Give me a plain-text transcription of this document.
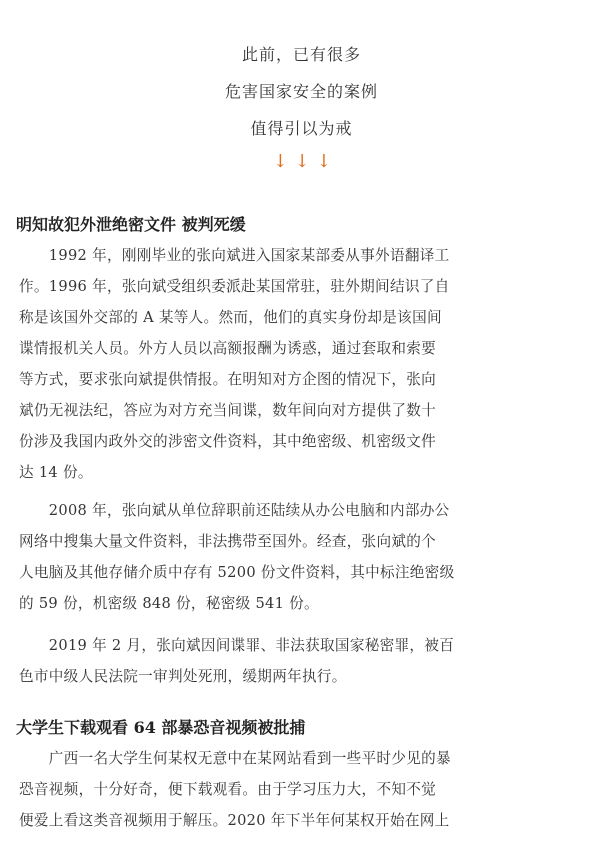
此前，已有很多
危害国家安全的案例
值得引以为戒
↓ ↓ ↓
明知故犯外泄绝密文件 被判死缓
　　1992 年，刚刚毕业的张向斌进入国家某部委从事外语翻译工
作。1996 年，张向斌受组织委派赴某国常驻，驻外期间结识了自
称是该国外交部的 A 某等人。然而，他们的真实身份却是该国间
谍情报机关人员。外方人员以高额报酬为诱惑，通过套取和索要
等方式，要求张向斌提供情报。在明知对方企图的情况下，张向
斌仍无视法纪，答应为对方充当间谍，数年间向对方提供了数十
份涉及我国内政外交的涉密文件资料，其中绝密级、机密级文件
达 14 份。
　　2008 年，张向斌从单位辞职前还陆续从办公电脑和内部办公
网络中搜集大量文件资料，非法携带至国外。经查，张向斌的个
人电脑及其他存储介质中存有 5200 份文件资料，其中标注绝密级
的 59 份，机密级 848 份，秘密级 541 份。
　　2019 年 2 月，张向斌因间谍罪、非法获取国家秘密罪，被百
色市中级人民法院一审判处死刑，缓期两年执行。
大学生下载观看 64 部暴恐音视频被批捕
　　广西一名大学生何某权无意中在某网站看到一些平时少见的暴
恐音视频，十分好奇，便下载观看。由于学习压力大，不知不觉
便爱上看这类音视频用于解压。2020 年下半年何某权开始在网上
